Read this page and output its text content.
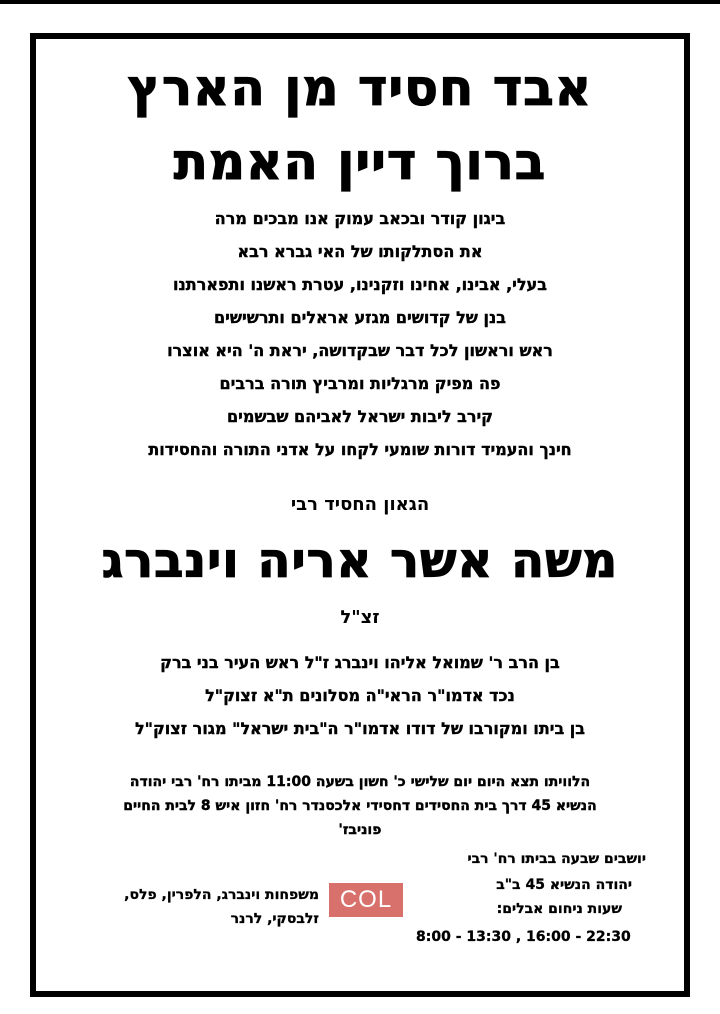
אבד חסיד מן הארץ
ברוך דיין האמת
ביגון קודר ובכאב עמוק אנו מבכים מרה
את הסתלקותו של האי גברא רבא
בעלי, אבינו, אחינו וזקנינו, עטרת ראשנו ותפארתנו
בנן של קדושים מגזע אראלים ותרשישים
ראש וראשון לכל דבר שבקדושה, יראת ה' היא אוצרו
פה מפיק מרגליות ומרביץ תורה ברבים
קירב ליבות ישראל לאביהם שבשמים
חינך והעמיד דורות שומעי לקחו על אדני התורה והחסידות
הגאון החסיד רבי
משה אשר אריה וינברג
זצ"ל
בן הרב ר' שמואל אליהו וינברג ז"ל ראש העיר בני ברק
נכד אדמו"ר הראי"ה מסלונים ת"א זצוק"ל
בן ביתו ומקורבו של דודו אדמו"ר ה"בית ישראל" מגור זצוק"ל
הלוויתו תצא היום יום שלישי כ' חשון בשעה 11:00 מביתו רח' רבי יהודה
הנשיא 45 דרך בית החסידים דחסידי אלכסנדר רח' חזון איש 8 לבית החיים
פוניבז'
יושבים שבעה בביתו רח' רבי
יהודה הנשיא 45 ב"ב
שעות ניחום אבלים:
8:00 - 13:30 , 16:00 - 22:30
משפחות וינברג, הלפרין, פלס,
זלבסקי, לרנר
COL
